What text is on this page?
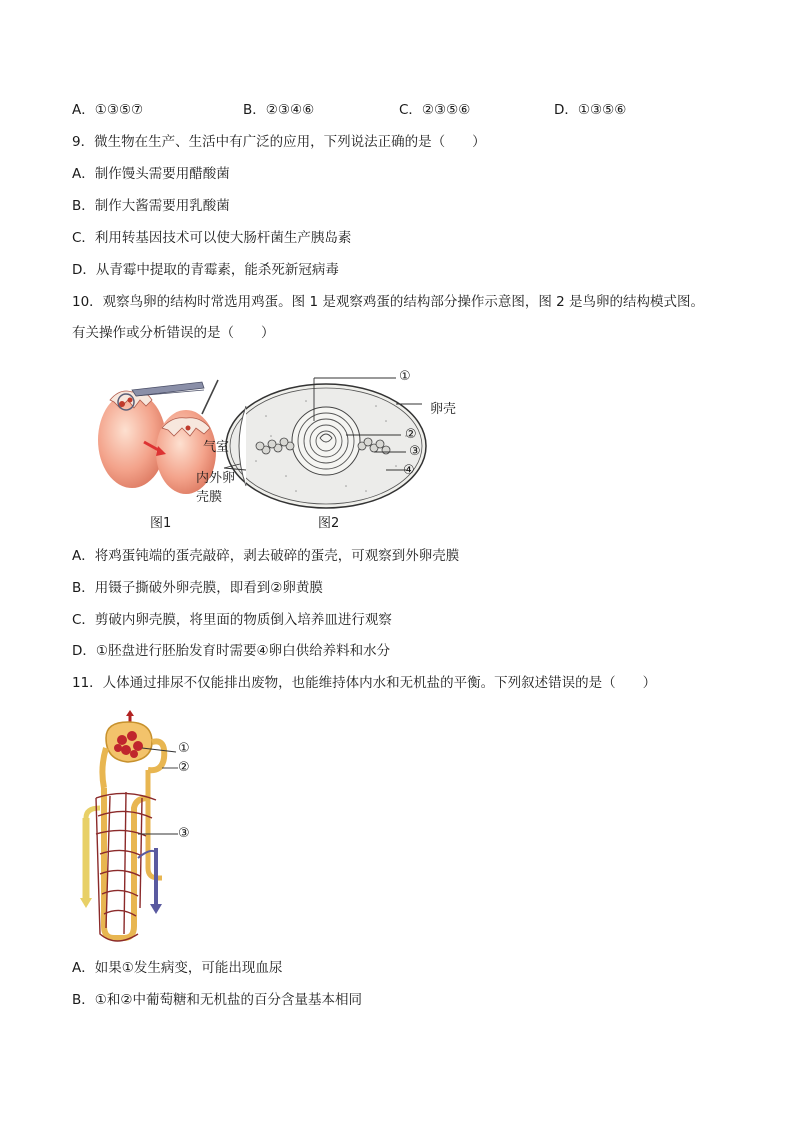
A．①③⑤⑦	B．②③④⑥	C．②③⑤⑥	D．①③⑤⑥
9．微生物在生产、生活中有广泛的应用，下列说法正确的是（　　）
A．制作馒头需要用醋酸菌
B．制作大酱需要用乳酸菌
C．利用转基因技术可以使大肠杆菌生产胰岛素
D．从青霉中提取的青霉素，能杀死新冠病毒
10．观察鸟卵的结构时常选用鸡蛋。图 1 是观察鸡蛋的结构部分操作示意图，图 2 是鸟卵的结构模式图。
有关操作或分析错误的是（　　）
图1
①
卵壳
②
③
④
气室
内外卵
壳膜
图2
A．将鸡蛋钝端的蛋壳敲碎，剥去破碎的蛋壳，可观察到外卵壳膜
B．用镊子撕破外卵壳膜，即看到②卵黄膜
C．剪破内卵壳膜，将里面的物质倒入培养皿进行观察
D．①胚盘进行胚胎发育时需要④卵白供给养料和水分
11．人体通过排尿不仅能排出废物，也能维持体内水和无机盐的平衡。下列叙述错误的是（　　）
①
②
③
A．如果①发生病变，可能出现血尿
B．①和②中葡萄糖和无机盐的百分含量基本相同
